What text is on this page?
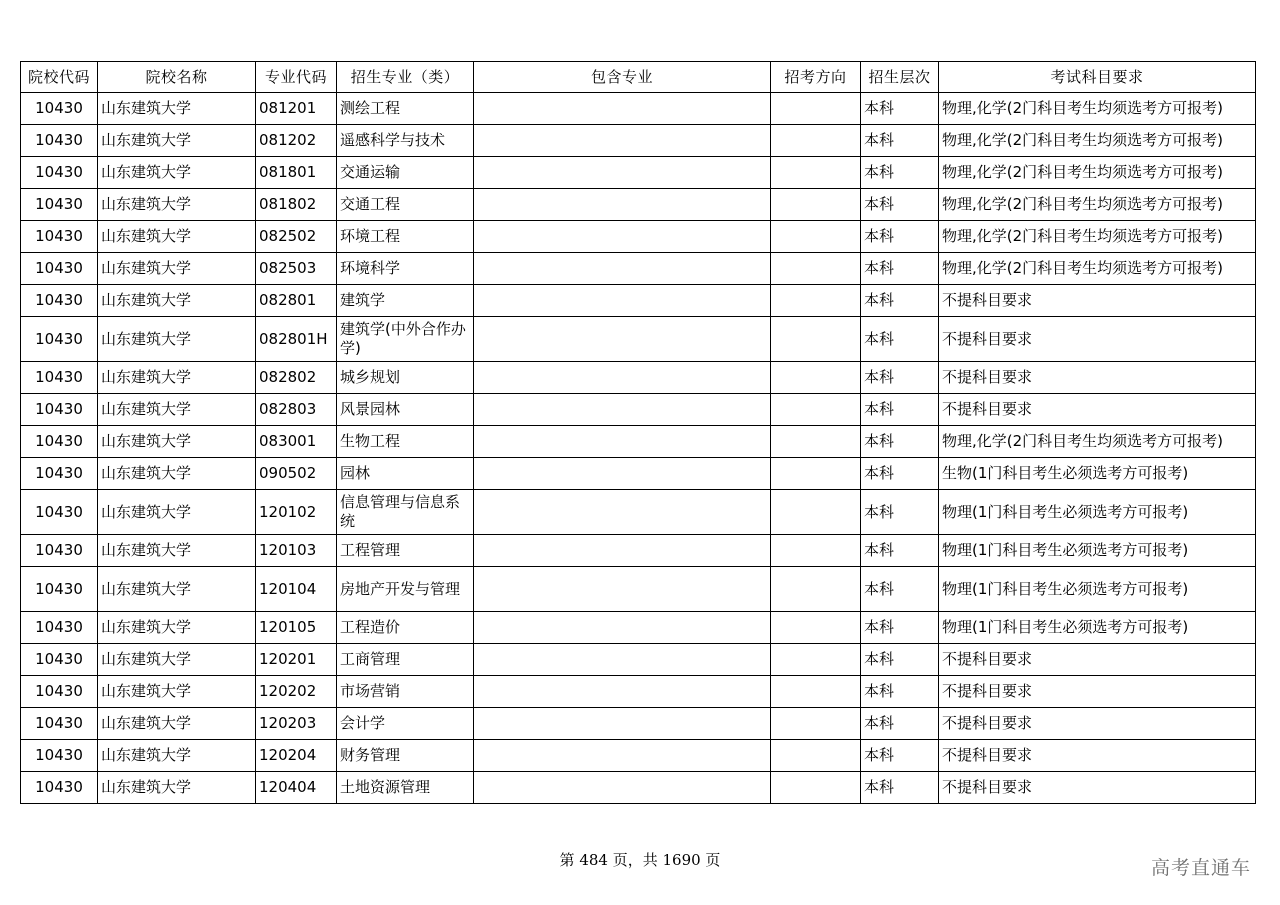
院校代码	院校名称	专业代码	招生专业（类）	包含专业	招考方向	招生层次	考试科目要求
10430	山东建筑大学	081201	测绘工程			本科	物理,化学(2门科目考生均须选考方可报考)
10430	山东建筑大学	081202	遥感科学与技术			本科	物理,化学(2门科目考生均须选考方可报考)
10430	山东建筑大学	081801	交通运输			本科	物理,化学(2门科目考生均须选考方可报考)
10430	山东建筑大学	081802	交通工程			本科	物理,化学(2门科目考生均须选考方可报考)
10430	山东建筑大学	082502	环境工程			本科	物理,化学(2门科目考生均须选考方可报考)
10430	山东建筑大学	082503	环境科学			本科	物理,化学(2门科目考生均须选考方可报考)
10430	山东建筑大学	082801	建筑学			本科	不提科目要求
10430	山东建筑大学	082801H	建筑学(中外合作办学)			本科	不提科目要求
10430	山东建筑大学	082802	城乡规划			本科	不提科目要求
10430	山东建筑大学	082803	风景园林			本科	不提科目要求
10430	山东建筑大学	083001	生物工程			本科	物理,化学(2门科目考生均须选考方可报考)
10430	山东建筑大学	090502	园林			本科	生物(1门科目考生必须选考方可报考)
10430	山东建筑大学	120102	信息管理与信息系统			本科	物理(1门科目考生必须选考方可报考)
10430	山东建筑大学	120103	工程管理			本科	物理(1门科目考生必须选考方可报考)
10430	山东建筑大学	120104	房地产开发与管理			本科	物理(1门科目考生必须选考方可报考)
10430	山东建筑大学	120105	工程造价			本科	物理(1门科目考生必须选考方可报考)
10430	山东建筑大学	120201	工商管理			本科	不提科目要求
10430	山东建筑大学	120202	市场营销			本科	不提科目要求
10430	山东建筑大学	120203	会计学			本科	不提科目要求
10430	山东建筑大学	120204	财务管理			本科	不提科目要求
10430	山东建筑大学	120404	土地资源管理			本科	不提科目要求
第 484 页，共 1690 页	高考直通车
